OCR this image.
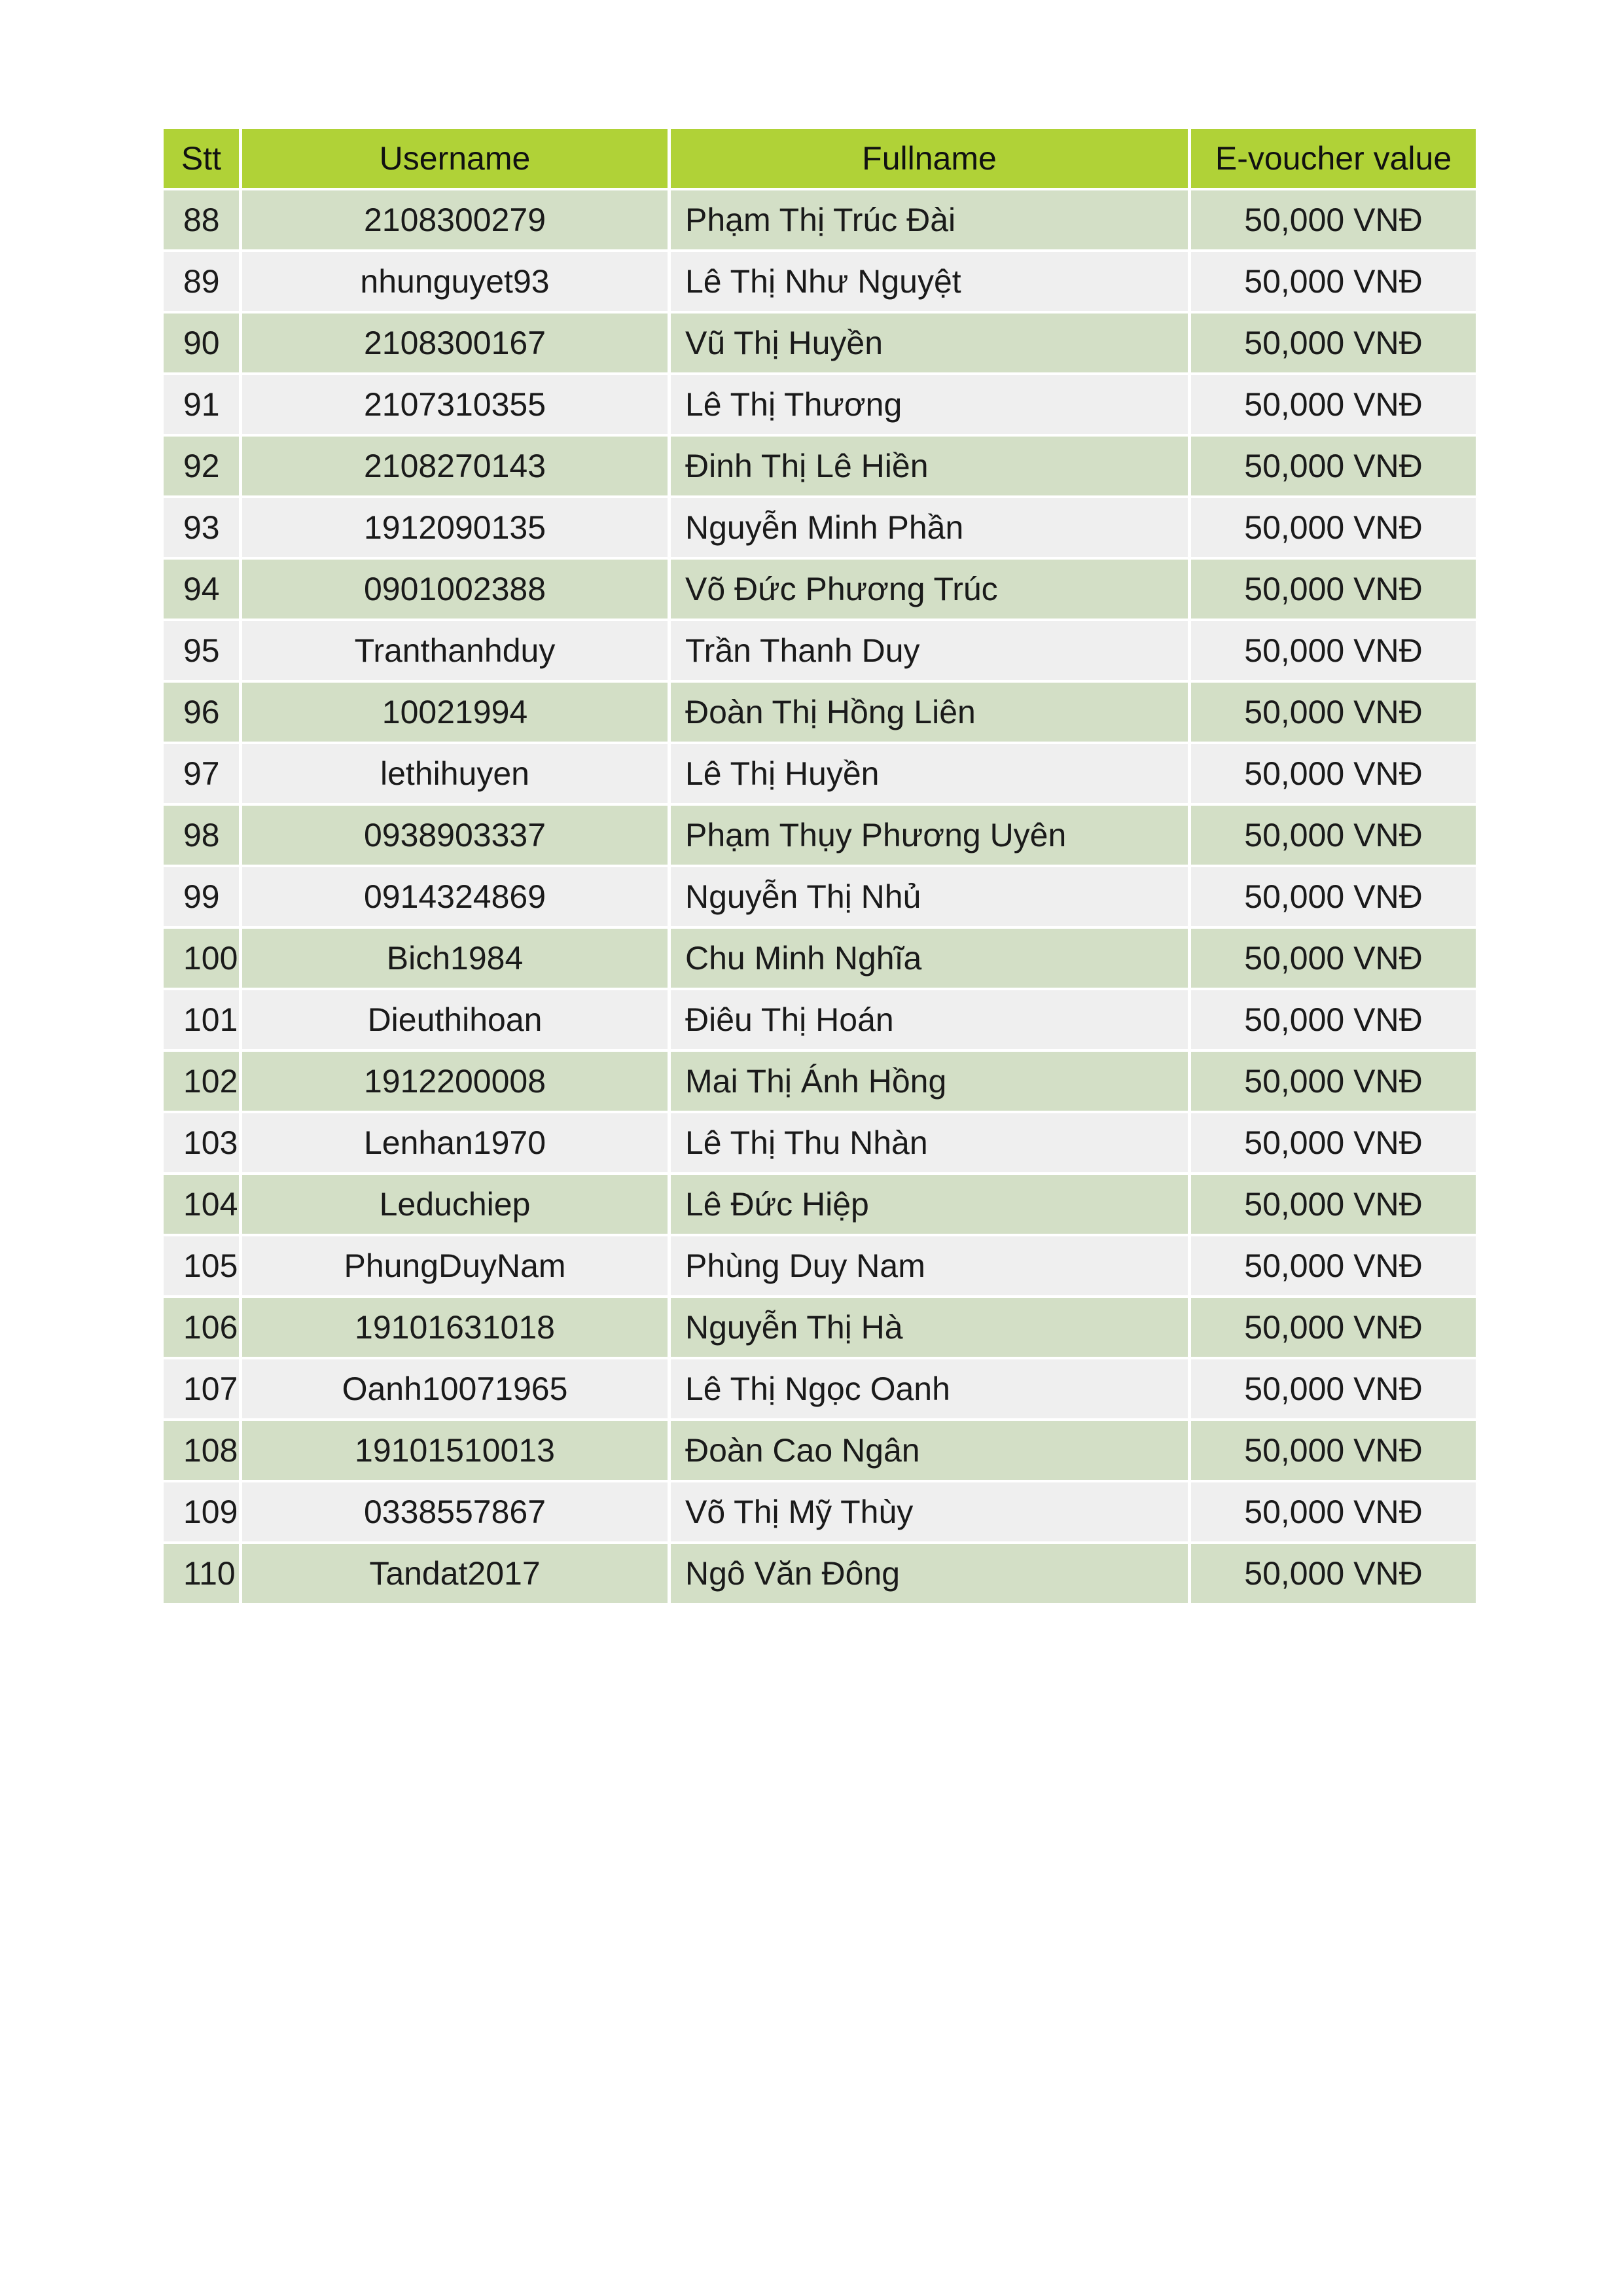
Stt	Username	Fullname	E-voucher value
88	2108300279	Phạm Thị Trúc Đài	50,000 VNĐ
89	nhunguyet93	Lê Thị Như Nguyệt	50,000 VNĐ
90	2108300167	Vũ Thị Huyền	50,000 VNĐ
91	2107310355	Lê Thị Thương	50,000 VNĐ
92	2108270143	Đinh Thị Lê Hiền	50,000 VNĐ
93	1912090135	Nguyễn Minh Phần	50,000 VNĐ
94	0901002388	Võ Đức Phương Trúc	50,000 VNĐ
95	Tranthanhduy	Trần Thanh Duy	50,000 VNĐ
96	10021994	Đoàn Thị Hồng Liên	50,000 VNĐ
97	lethihuyen	Lê Thị Huyền	50,000 VNĐ
98	0938903337	Phạm Thụy Phương Uyên	50,000 VNĐ
99	0914324869	Nguyễn Thị Nhủ	50,000 VNĐ
100	Bich1984	Chu Minh Nghĩa	50,000 VNĐ
101	Dieuthihoan	Điêu Thị Hoán	50,000 VNĐ
102	1912200008	Mai Thị Ánh Hồng	50,000 VNĐ
103	Lenhan1970	Lê Thị Thu Nhàn	50,000 VNĐ
104	Leduchiep	Lê Đức Hiệp	50,000 VNĐ
105	PhungDuyNam	Phùng Duy Nam	50,000 VNĐ
106	19101631018	Nguyễn Thị Hà	50,000 VNĐ
107	Oanh10071965	Lê Thị Ngọc Oanh	50,000 VNĐ
108	19101510013	Đoàn Cao Ngân	50,000 VNĐ
109	0338557867	Võ Thị Mỹ Thùy	50,000 VNĐ
110	Tandat2017	Ngô Văn Đông	50,000 VNĐ
